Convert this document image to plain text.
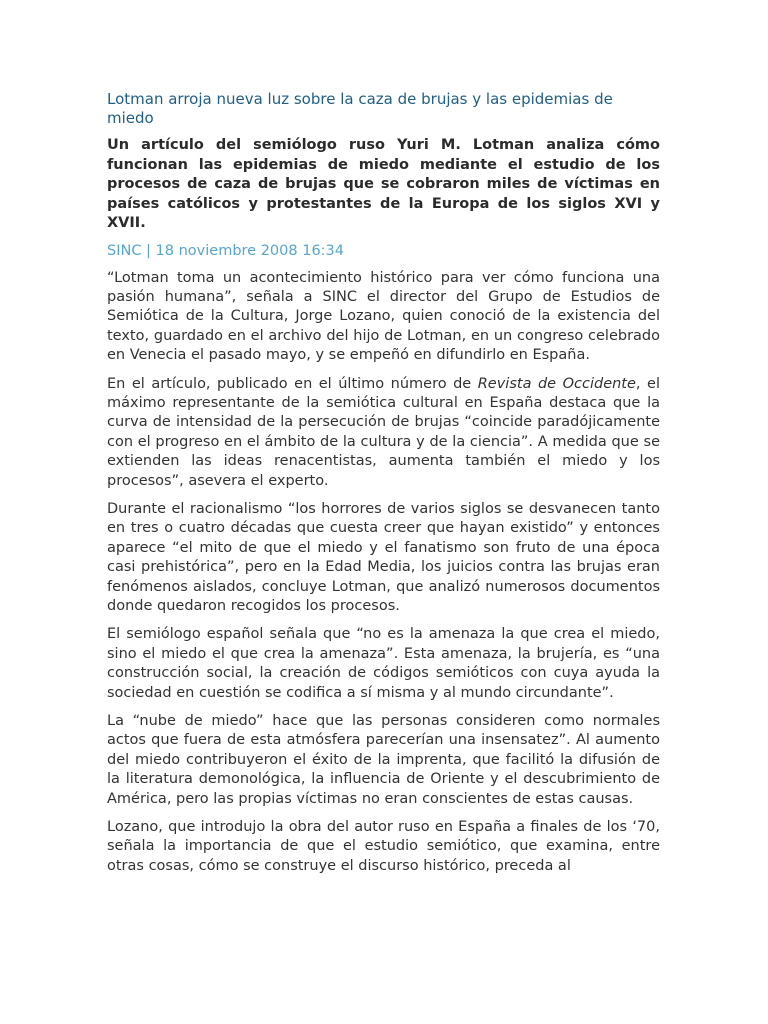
Lotman arroja nueva luz sobre la caza de brujas y las epidemias de miedo

Un artículo del semiólogo ruso Yuri M. Lotman analiza cómo funcionan las epidemias de miedo mediante el estudio de los procesos de caza de brujas que se cobraron miles de víctimas en países católicos y protestantes de la Europa de los siglos XVI y XVII.

SINC | 18 noviembre 2008 16:34

“Lotman toma un acontecimiento histórico para ver cómo funciona una pasión humana”, señala a SINC el director del Grupo de Estudios de Semiótica de la Cultura, Jorge Lozano, quien conoció de la existencia del texto, guardado en el archivo del hijo de Lotman, en un congreso celebrado en Venecia el pasado mayo, y se empeñó en difundirlo en España.

En el artículo, publicado en el último número de Revista de Occidente, el máximo representante de la semiótica cultural en España destaca que la curva de intensidad de la persecución de brujas “coincide paradójicamente con el progreso en el ámbito de la cultura y de la ciencia”. A medida que se extienden las ideas renacentistas, aumenta también el miedo y los procesos”, asevera el experto.

Durante el racionalismo “los horrores de varios siglos se desvanecen tanto en tres o cuatro décadas que cuesta creer que hayan existido” y entonces aparece “el mito de que el miedo y el fanatismo son fruto de una época casi prehistórica”, pero en la Edad Media, los juicios contra las brujas eran fenómenos aislados, concluye Lotman, que analizó numerosos documentos donde quedaron recogidos los procesos.

El semiólogo español señala que “no es la amenaza la que crea el miedo, sino el miedo el que crea la amenaza”. Esta amenaza, la brujería, es “una construcción social, la creación de códigos semióticos con cuya ayuda la sociedad en cuestión se codifica a sí misma y al mundo circundante”.

La “nube de miedo” hace que las personas consideren como normales actos que fuera de esta atmósfera parecerían una insensatez”. Al aumento del miedo contribuyeron el éxito de la imprenta, que facilitó la difusión de la literatura demonológica, la influencia de Oriente y el descubrimiento de América, pero las propias víctimas no eran conscientes de estas causas.

Lozano, que introdujo la obra del autor ruso en España a finales de los ‘70, señala la importancia de que el estudio semiótico, que examina, entre otras cosas, cómo se construye el discurso histórico, preceda al
